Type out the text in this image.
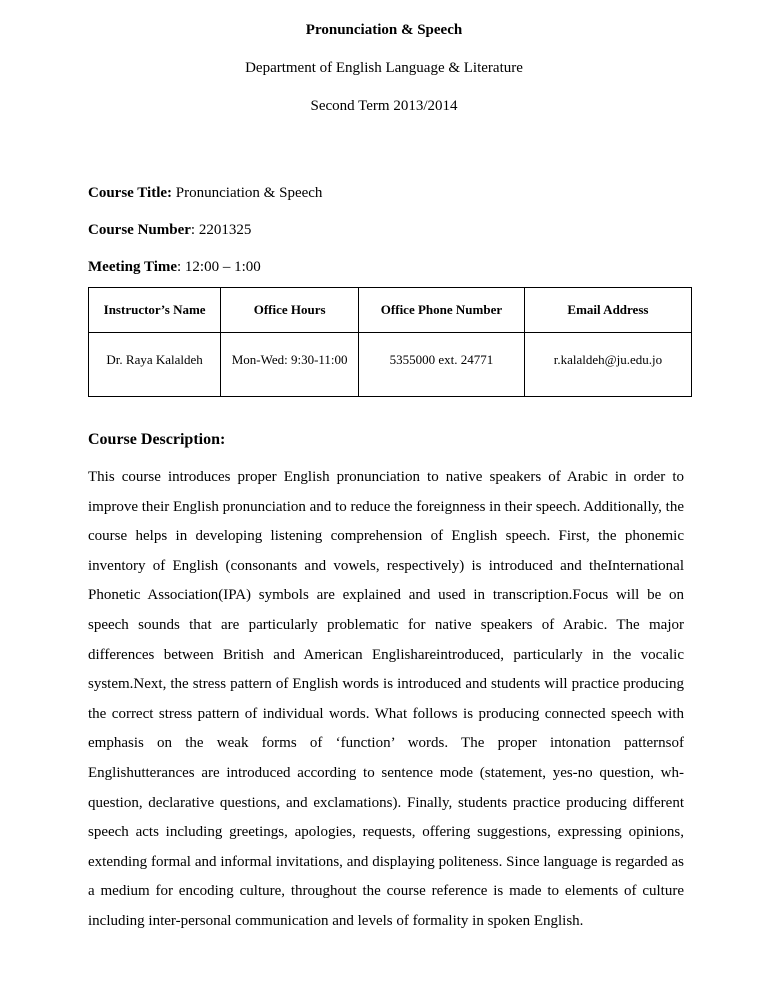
Pronunciation & Speech
Department of English Language & Literature
Second Term 2013/2014
Course Title: Pronunciation & Speech
Course Number: 2201325
Meeting Time: 12:00 – 1:00
Instructor’s Name	Office Hours	Office Phone Number	Email Address
Dr. Raya Kalaldeh	Mon-Wed: 9:30-11:00	5355000 ext. 24771	r.kalaldeh@ju.edu.jo
Course Description:

This course introduces proper English pronunciation to native speakers of Arabic in order to improve their English pronunciation and to reduce the foreignness in their speech. Additionally, the course helps in developing listening comprehension of English speech. First, the phonemic inventory of English (consonants and vowels, respectively) is introduced and theInternational Phonetic Association(IPA) symbols are explained and used in transcription.Focus will be on speech sounds that are particularly problematic for native speakers of Arabic. The major differences between British and American Englishareintroduced, particularly in the vocalic system.Next, the stress pattern of English words is introduced and students will practice producing the correct stress pattern of individual words. What follows is producing connected speech with emphasis on the weak forms of ‘function’ words. The proper intonation patternsof Englishutterances are introduced according to sentence mode (statement, yes-no question, wh-question, declarative questions, and exclamations). Finally, students practice producing different speech acts including greetings, apologies, requests, offering suggestions, expressing opinions, extending formal and informal invitations, and displaying politeness. Since language is regarded as a medium for encoding culture, throughout the course reference is made to elements of culture including inter-personal communication and levels of formality in spoken English.
